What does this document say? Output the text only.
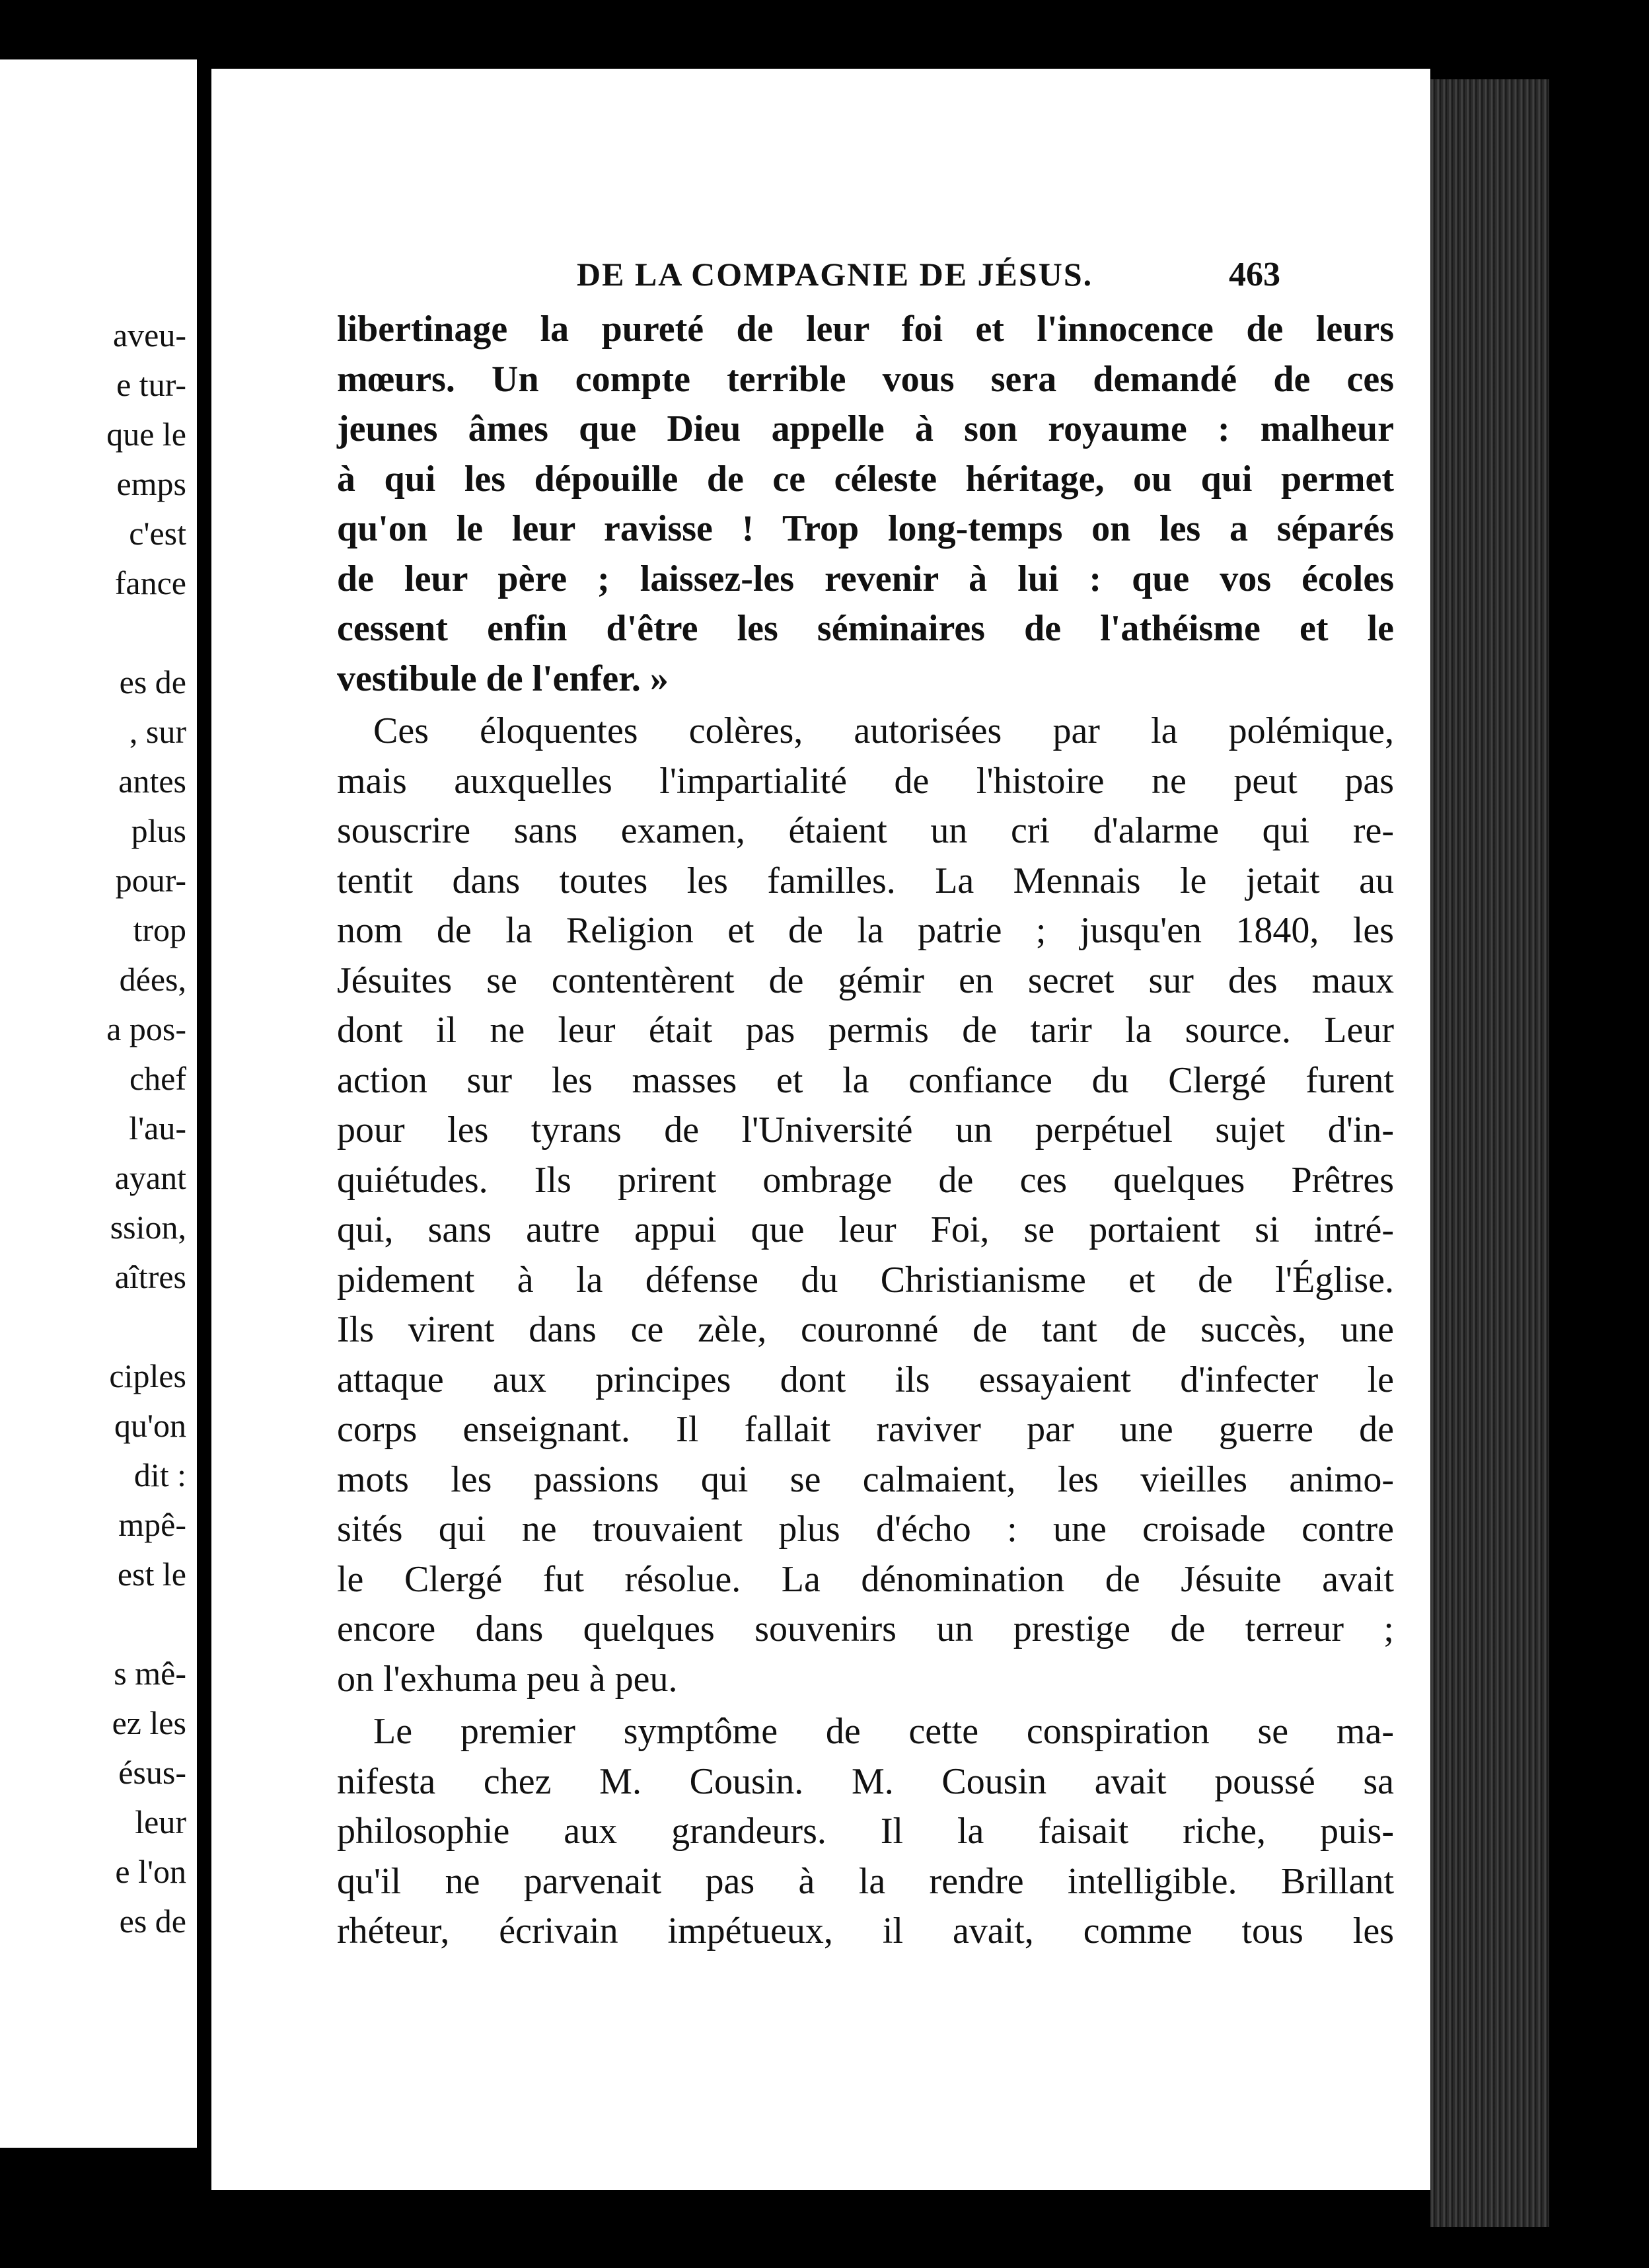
aveu-
e tur-
que le
emps
c'est
fance
es de
, sur
antes
plus
pour-
trop
dées,
a pos-
chef
l'au-
ayant
ssion,
aîtres
ciples
qu'on
dit :
mpê-
est le
s mê-
ez les
ésus-
leur
e l'on
es de
DE LA COMPAGNIE DE JÉSUS.	463
libertinage la pureté de leur foi et l'innocence de leurs
mœurs. Un compte terrible vous sera demandé de ces
jeunes âmes que Dieu appelle à son royaume : malheur
à qui les dépouille de ce céleste héritage, ou qui permet
qu'on le leur ravisse ! Trop long-temps on les a séparés
de leur père ; laissez-les revenir à lui : que vos écoles
cessent enfin d'être les séminaires de l'athéisme et le
vestibule de l'enfer. »
Ces éloquentes colères, autorisées par la polémique,
mais auxquelles l'impartialité de l'histoire ne peut pas
souscrire sans examen, étaient un cri d'alarme qui re-
tentit dans toutes les familles. La Mennais le jetait au
nom de la Religion et de la patrie ; jusqu'en 1840, les
Jésuites se contentèrent de gémir en secret sur des maux
dont il ne leur était pas permis de tarir la source. Leur
action sur les masses et la confiance du Clergé furent
pour les tyrans de l'Université un perpétuel sujet d'in-
quiétudes. Ils prirent ombrage de ces quelques Prêtres
qui, sans autre appui que leur Foi, se portaient si intré-
pidement à la défense du Christianisme et de l'Église.
Ils virent dans ce zèle, couronné de tant de succès, une
attaque aux principes dont ils essayaient d'infecter le
corps enseignant. Il fallait raviver par une guerre de
mots les passions qui se calmaient, les vieilles animo-
sités qui ne trouvaient plus d'écho : une croisade contre
le Clergé fut résolue. La dénomination de Jésuite avait
encore dans quelques souvenirs un prestige de terreur ;
on l'exhuma peu à peu.
Le premier symptôme de cette conspiration se ma-
nifesta chez M. Cousin. M. Cousin avait poussé sa
philosophie aux grandeurs. Il la faisait riche, puis-
qu'il ne parvenait pas à la rendre intelligible. Brillant
rhéteur, écrivain impétueux, il avait, comme tous les
